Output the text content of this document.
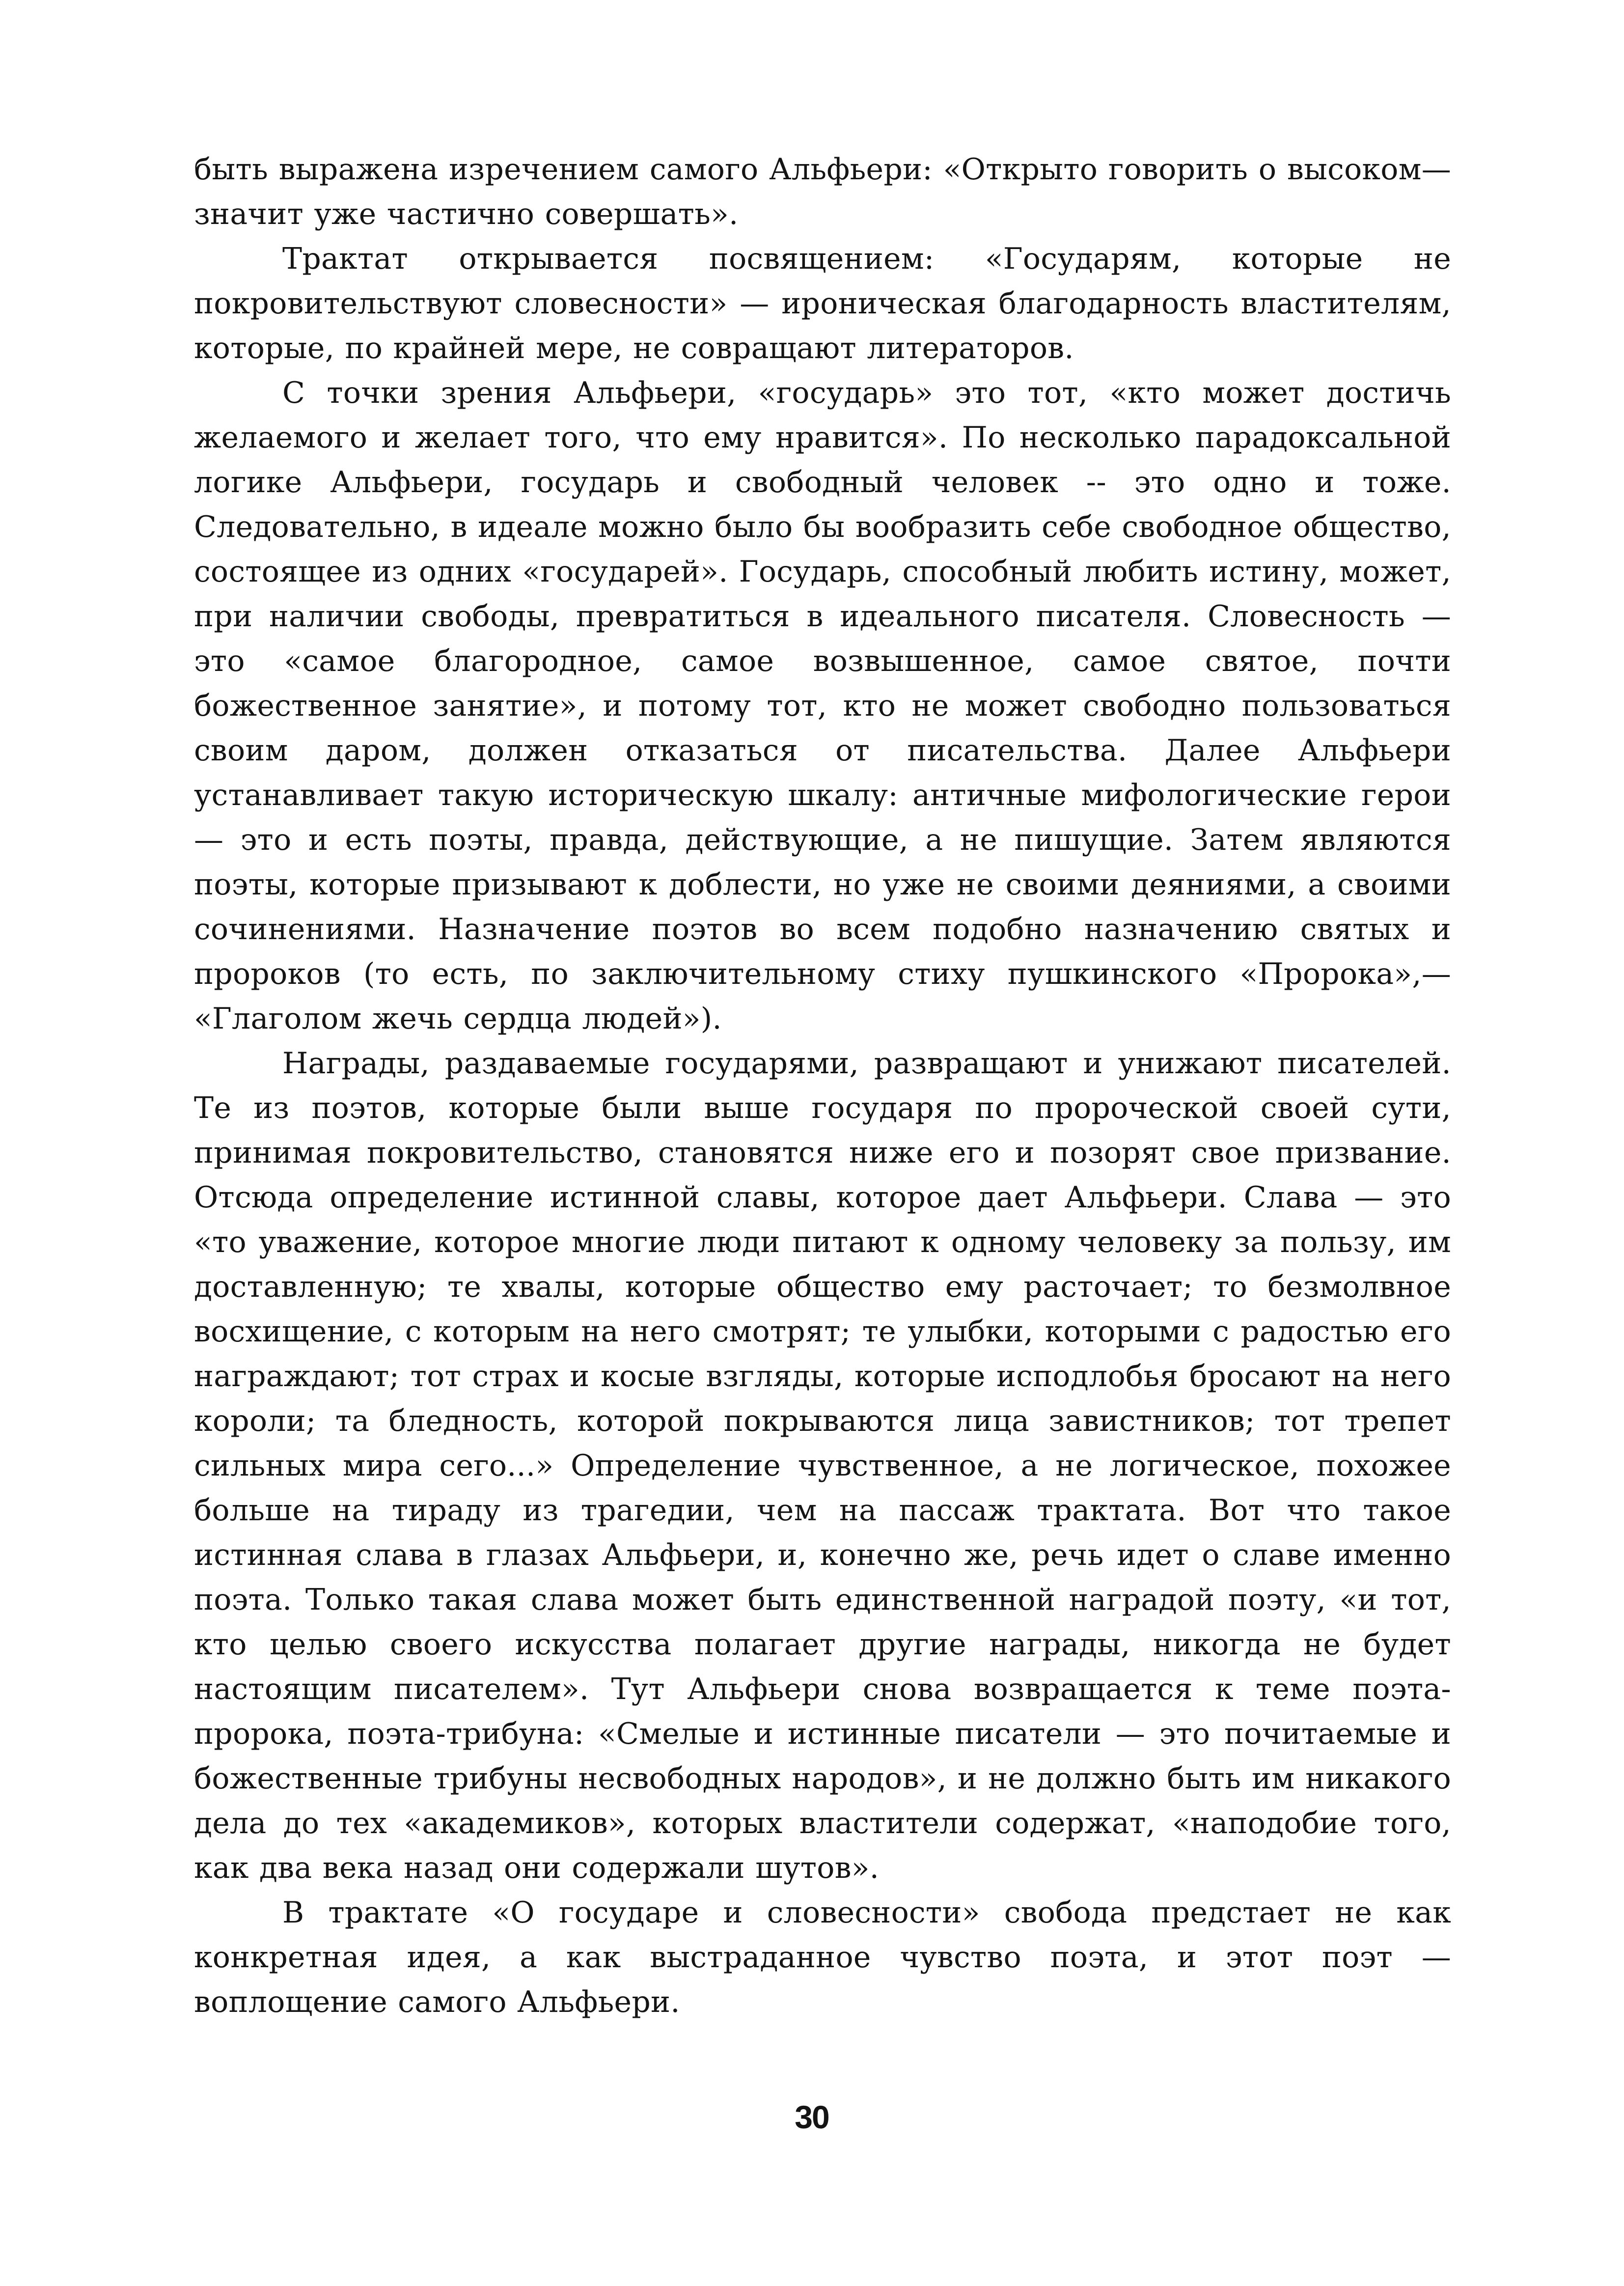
быть выражена изречением самого Альфьери: «Открыто говорить о высоком—значит уже частично совершать».

Трактат открывается посвящением: «Государям, которые не покровительствуют словесности» — ироническая благодарность властителям, которые, по крайней мере, не совращают литераторов.

С точки зрения Альфьери, «государь» это тот, «кто может достичь желаемого и желает того, что ему нравится». По несколько парадоксальной логике Альфьери, государь и свободный человек -- это одно и тоже. Следовательно, в идеале можно было бы вообразить себе свободное общество, состоящее из одних «государей». Государь, способный любить истину, может, при наличии свободы, превратиться в идеального писателя. Словесность — это «самое благородное, самое возвышенное, самое святое, почти божественное занятие», и потому тот, кто не может свободно пользоваться своим даром, должен отказаться от писательства. Далее Альфьери устанавливает такую историческую шкалу: античные мифологические герои — это и есть поэты, правда, действующие, а не пишущие. Затем являются поэты, которые призывают к доблести, но уже не своими деяниями, а своими сочинениями. Назначение поэтов во всем подобно назначению святых и пророков (то есть, по заключительному стиху пушкинского «Пророка»,— «Глаголом жечь сердца людей»).

Награды, раздаваемые государями, развращают и унижают писателей. Те из поэтов, которые были выше государя по пророческой своей сути, принимая покровительство, становятся ниже его и позорят свое призвание. Отсюда определение истинной славы, которое дает Альфьери. Слава — это «то уважение, которое многие люди питают к одному человеку за пользу, им доставленную; те хвалы, которые общество ему расточает; то безмолвное восхищение, с которым на него смотрят; те улыбки, которыми с радостью его награждают; тот страх и косые взгляды, которые исподлобья бросают на него короли; та бледность, которой покрываются лица завистников; тот трепет сильных мира сего...» Определение чувственное, а не логическое, похожее больше на тираду из трагедии, чем на пассаж трактата. Вот что такое истинная слава в глазах Альфьери, и, конечно же, речь идет о славе именно поэта. Только такая слава может быть единственной наградой поэту, «и тот, кто целью своего искусства полагает другие награды, никогда не будет настоящим писателем». Тут Альфьери снова возвращается к теме поэта-пророка, поэта-трибуна: «Смелые и истинные писатели — это почитаемые и божественные трибуны несвободных народов», и не должно быть им никакого дела до тех «академиков», которых властители содержат, «наподобие того, как два века назад они содержали шутов».

В трактате «О государе и словесности» свобода предстает не как конкретная идея, а как выстраданное чувство поэта, и этот поэт — воплощение самого Альфьери.

30
